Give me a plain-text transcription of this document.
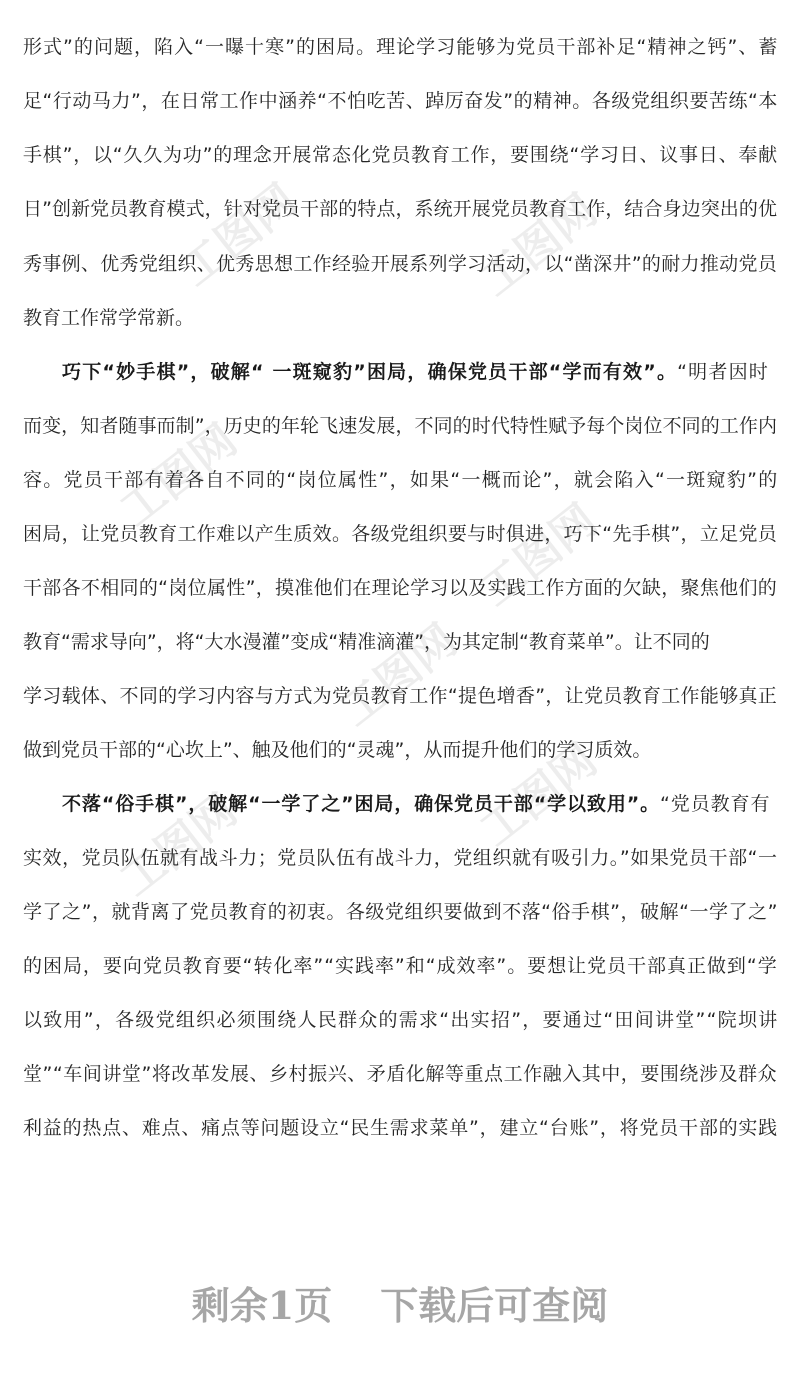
工图网	工图网
工图网
工图网
工图网
工图网	工图网
形式”的问题，陷入“一曝十寒”的困局。理论学习能够为党员干部补足“精神之钙”、蓄
足“行动马力”，在日常工作中涵养“不怕吃苦、踔厉奋发”的精神。各级党组织要苦练“本
手棋”，以“久久为功”的理念开展常态化党员教育工作，要围绕“学习日、议事日、奉献
日”创新党员教育模式，针对党员干部的特点，系统开展党员教育工作，结合身边突出的优
秀事例、优秀党组织、优秀思想工作经验开展系列学习活动，以“凿深井”的耐力推动党员
教育工作常学常新。
巧下“妙手棋”，破解“ 一斑窥豹”困局，确保党员干部“学而有效”。“明者因时
而变，知者随事而制”，历史的年轮飞速发展，不同的时代特性赋予每个岗位不同的工作内
容。党员干部有着各自不同的“岗位属性”，如果“一概而论”，就会陷入“一斑窥豹”的
困局，让党员教育工作难以产生质效。各级党组织要与时俱进，巧下“先手棋”，立足党员
干部各不相同的“岗位属性”，摸准他们在理论学习以及实践工作方面的欠缺，聚焦他们的
教育“需求导向”，将“大水漫灌”变成“精准滴灌”，为其定制“教育菜单”。让不同的
学习载体、不同的学习内容与方式为党员教育工作“提色增香”，让党员教育工作能够真正
做到党员干部的“心坎上”、触及他们的“灵魂”，从而提升他们的学习质效。
不落“俗手棋”，破解“一学了之”困局，确保党员干部“学以致用”。“党员教育有
实效，党员队伍就有战斗力；党员队伍有战斗力，党组织就有吸引力。”如果党员干部“一
学了之”，就背离了党员教育的初衷。各级党组织要做到不落“俗手棋”，破解“一学了之”
的困局，要向党员教育要“转化率”“实践率”和“成效率”。要想让党员干部真正做到“学
以致用”，各级党组织必须围绕人民群众的需求“出实招”，要通过“田间讲堂”“院坝讲
堂”“车间讲堂”将改革发展、乡村振兴、矛盾化解等重点工作融入其中，要围绕涉及群众
利益的热点、难点、痛点等问题设立“民生需求菜单”，建立“台账”，将党员干部的实践
剩余1页 下载后可查阅
